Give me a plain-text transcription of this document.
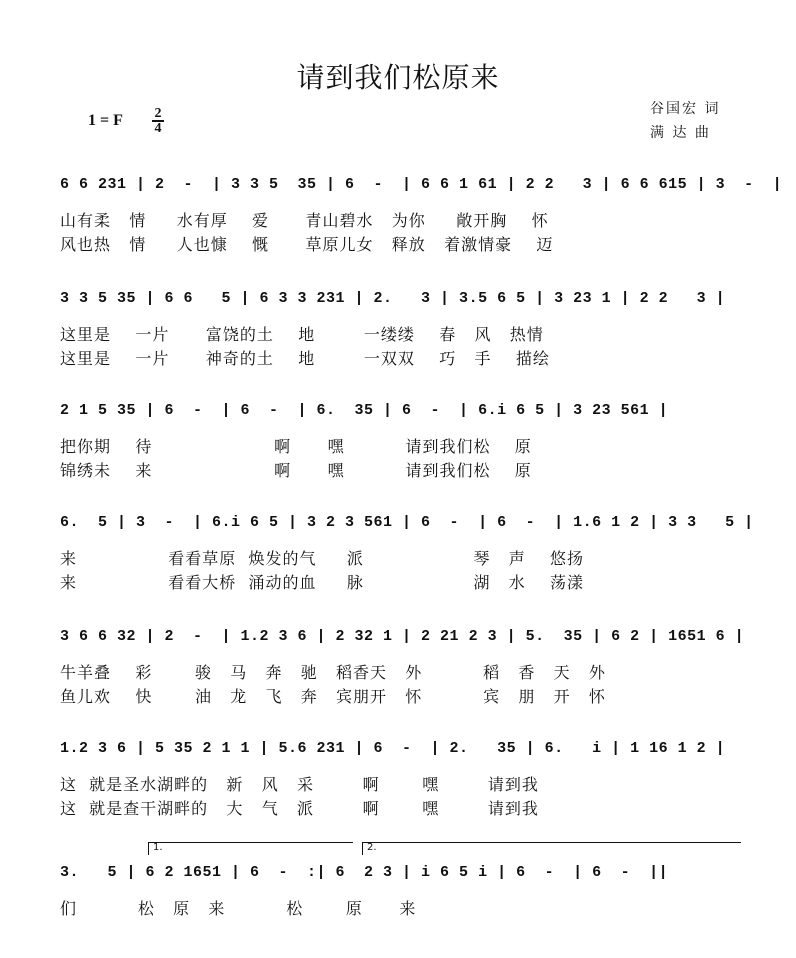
请到我们松原来
1 = F 2
4
谷国宏 词
满 达 曲
6 6 231 | 2  -  | 3 3 5  35 | 6  -  | 6 6 1 61 | 2 2   3 | 6 6 615 | 3  -  |
山有柔   情     水有厚    爱      青山碧水   为你     敞开胸    怀
风也热   情     人也慷    慨      草原儿女   释放   着激情豪    迈
3 3 5 35 | 6 6   5 | 6 3 3 231 | 2.   3 | 3.5 6 5 | 3 23 1 | 2 2   3 |
这里是    一片      富饶的土    地        一缕缕    春   风   热情
这里是    一片      神奇的土    地        一双双    巧   手    描绘
2 1 5 35 | 6  -  | 6  -  | 6.  35 | 6  -  | 6.i 6 5 | 3 23 561 |
把你期    待                    啊      嘿          请到我们松    原
锦绣未    来                    啊      嘿          请到我们松    原
6.  5 | 3  -  | 6.i 6 5 | 3 2 3 561 | 6  -  | 6  -  | 1.6 1 2 | 3 3   5 |
来               看看草原  焕发的气     派                  琴   声    悠扬
来               看看大桥  涌动的血     脉                  湖   水    荡漾
3 6 6 32 | 2  -  | 1.2 3 6 | 2 32 1 | 2 21 2 3 | 5.  35 | 6 2 | 1651 6 |
牛羊叠    彩       骏   马   奔   驰   稻香天   外          稻   香   天   外
鱼儿欢    快       油   龙   飞   奔   宾朋开   怀          宾   朋   开   怀
1.2 3 6 | 5 35 2 1 1 | 5.6 231 | 6  -  | 2.   35 | 6.   i | 1 16 1 2 |
这  就是圣水湖畔的   新   风   采        啊       嘿        请到我
这  就是查干湖畔的   大   气   派        啊       嘿        请到我
1.	2.
3.   5 | 6 2 1651 | 6  -  :| 6  2 3 | i 6 5 i | 6  -  | 6  -  ||
们          松   原   来          松       原      来
